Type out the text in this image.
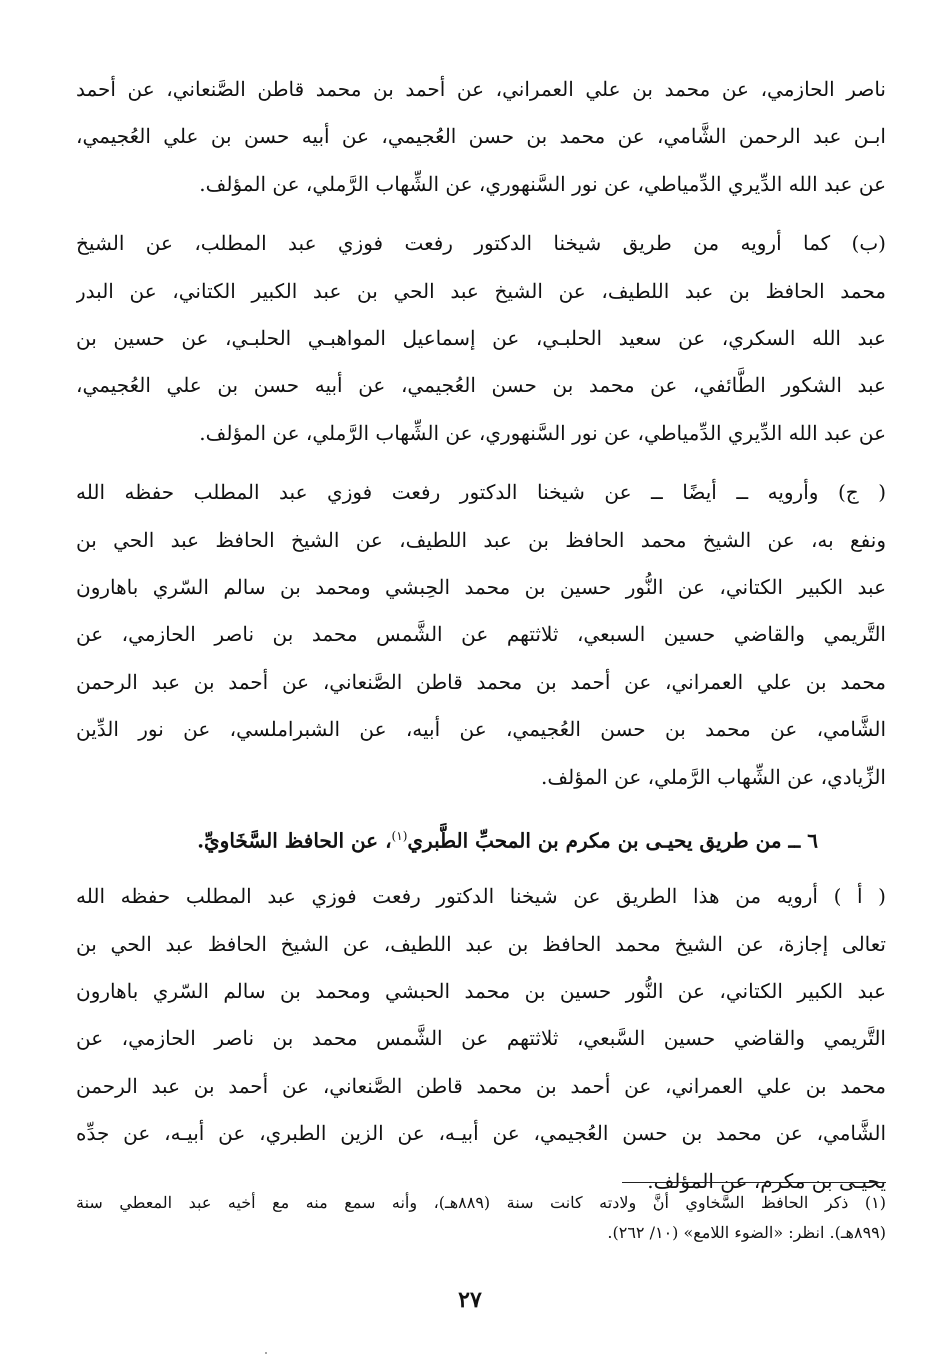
ناصر الحازمي، عن محمد بن علي العمراني، عن أحمد بن محمد قاطن الصَّنعاني، عن أحمد
ابـن عبد الرحمن الشَّامي، عن محمد بن حسن العُجيمي، عن أبيه حسن بن علي العُجيمي،
عن عبد الله الدِّيري الدِّمياطي، عن نور السَّنهوري، عن الشِّهاب الرَّملي، عن المؤلف.

(ب) كما أرويه من طريق شيخنا الدكتور رفعت فوزي عبد المطلب، عن الشيخ
محمد الحافظ بن عبد اللطيف، عن الشيخ عبد الحي بن عبد الكبير الكتاني، عن البدر
عبد الله السكري، عن سعيد الحلبـي، عن إسماعيل المواهبـي الحلبـي، عن حسين بن
عبد الشكور الطَّائفي، عن محمد بن حسن العُجيمي، عن أبيه حسن بن علي العُجيمي،
عن عبد الله الدِّيري الدِّمياطي، عن نور السَّنهوري، عن الشِّهاب الرَّملي، عن المؤلف.

( ج) وأرويه ــ أيضًا ــ عن شيخنا الدكتور رفعت فوزي عبد المطلب حفظه الله
ونفع به، عن الشيخ محمد الحافظ بن عبد اللطيف، عن الشيخ الحافظ عبد الحي بن
عبد الكبير الكتاني، عن النُّور حسين بن محمد الحِبشي ومحمد بن سالم السّري باهارون
التَّريمي والقاضي حسين السبعي، ثلاثتهم عن الشَّمس محمد بن ناصر الحازمي، عن
محمد بن علي العمراني، عن أحمد بن محمد قاطن الصَّنعاني، عن أحمد بن عبد الرحمن
الشَّامي، عن محمد بن حسن العُجيمي، عن أبيه، عن الشبراملسي، عن نور الدِّين
الزِّيادي، عن الشِّهاب الرَّملي، عن المؤلف.

٦ ــ من طريق يحيـى بن مكرم بن المحبِّ الطَّبري$^{(١)}$، عن الحافظ السَّخَاويِّ.

( أ ) أرويه من هذا الطريق عن شيخنا الدكتور رفعت فوزي عبد المطلب حفظه الله
تعالى إجازة، عن الشيخ محمد الحافظ بن عبد اللطيف، عن الشيخ الحافظ عبد الحي بن
عبد الكبير الكتاني، عن النُّور حسين بن محمد الحبشي ومحمد بن سالم السّري باهارون
التَّريمي والقاضي حسين السَّبعي، ثلاثتهم عن الشَّمس محمد بن ناصر الحازمي، عن
محمد بن علي العمراني، عن أحمد بن محمد قاطن الصَّنعاني، عن أحمد بن عبد الرحمن
الشَّامي، عن محمد بن حسن العُجيمي، عن أبيـه، عن الزين الطبري، عن أبيـه، عن جدِّه
يحيـى بن مكرم، عن المؤلف.

(١) ذكر الحافظ السَّخاوي أنَّ ولادته كانت سنة (٨٨٩هـ)، وأنه سمع منه مع أخيه عبد المعطي سنة
(٨٩٩هـ). انظر: «الضوء اللامع» (١٠/ ٢٦٢).
٢٧
